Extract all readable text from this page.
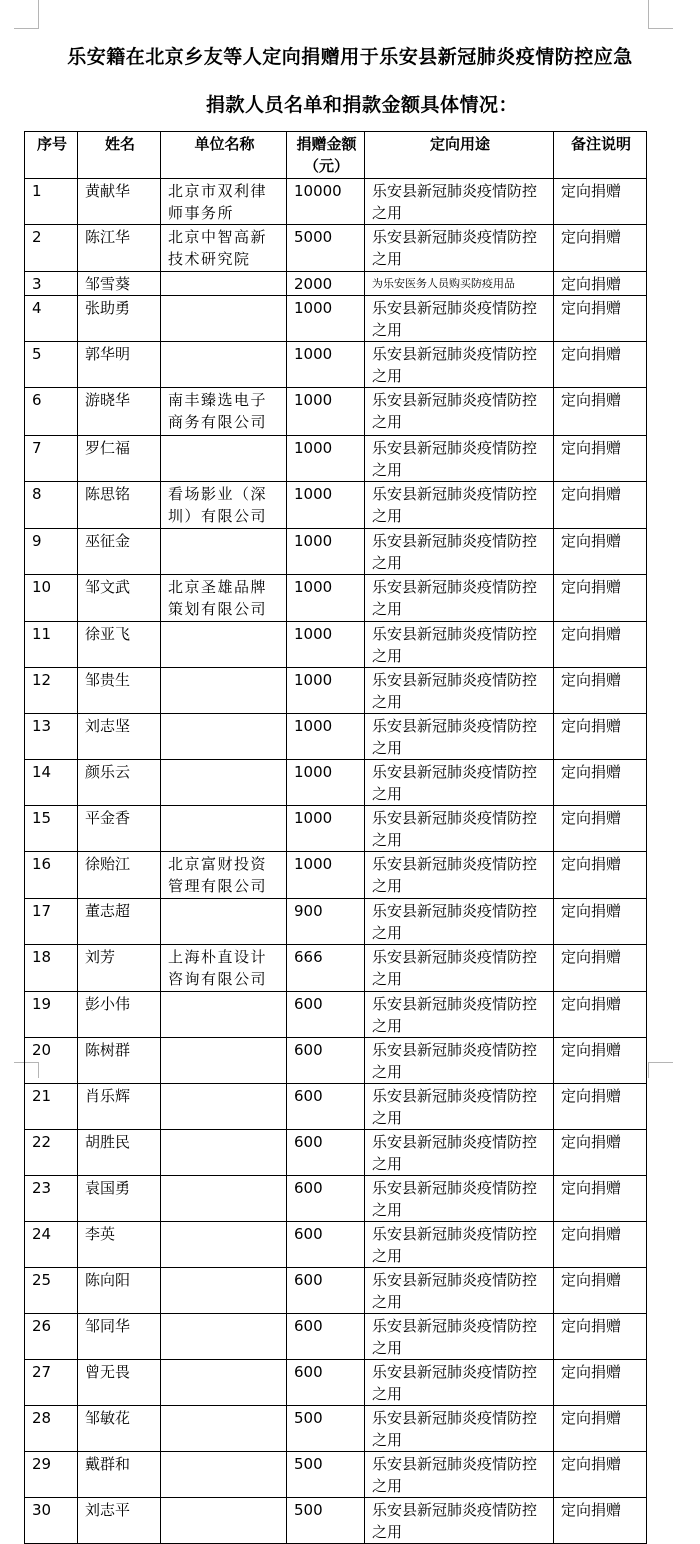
乐安籍在北京乡友等人定向捐赠用于乐安县新冠肺炎疫情防控应急
捐款人员名单和捐款金额具体情况：
序号	姓名	单位名称	捐赠金额（元）	定向用途	备注说明
1	黄献华	北京市双利律师事务所	10000	乐安县新冠肺炎疫情防控之用	定向捐赠
2	陈江华	北京中智高新技术研究院	5000	乐安县新冠肺炎疫情防控之用	定向捐赠
3	邹雪葵		2000	为乐安医务人员购买防疫用品	定向捐赠
4	张助勇		1000	乐安县新冠肺炎疫情防控之用	定向捐赠
5	郭华明		1000	乐安县新冠肺炎疫情防控之用	定向捐赠
6	游晓华	南丰臻选电子商务有限公司	1000	乐安县新冠肺炎疫情防控之用	定向捐赠
7	罗仁福		1000	乐安县新冠肺炎疫情防控之用	定向捐赠
8	陈思铭	看场影业（深圳）有限公司	1000	乐安县新冠肺炎疫情防控之用	定向捐赠
9	巫征金		1000	乐安县新冠肺炎疫情防控之用	定向捐赠
10	邹文武	北京圣雄品牌策划有限公司	1000	乐安县新冠肺炎疫情防控之用	定向捐赠
11	徐亚飞		1000	乐安县新冠肺炎疫情防控之用	定向捐赠
12	邹贵生		1000	乐安县新冠肺炎疫情防控之用	定向捐赠
13	刘志坚		1000	乐安县新冠肺炎疫情防控之用	定向捐赠
14	颜乐云		1000	乐安县新冠肺炎疫情防控之用	定向捐赠
15	平金香		1000	乐安县新冠肺炎疫情防控之用	定向捐赠
16	徐贻江	北京富财投资管理有限公司	1000	乐安县新冠肺炎疫情防控之用	定向捐赠
17	董志超		900	乐安县新冠肺炎疫情防控之用	定向捐赠
18	刘芳	上海朴直设计咨询有限公司	666	乐安县新冠肺炎疫情防控之用	定向捐赠
19	彭小伟		600	乐安县新冠肺炎疫情防控之用	定向捐赠
20	陈树群		600	乐安县新冠肺炎疫情防控之用	定向捐赠
21	肖乐辉		600	乐安县新冠肺炎疫情防控之用	定向捐赠
22	胡胜民		600	乐安县新冠肺炎疫情防控之用	定向捐赠
23	袁国勇		600	乐安县新冠肺炎疫情防控之用	定向捐赠
24	李英		600	乐安县新冠肺炎疫情防控之用	定向捐赠
25	陈向阳		600	乐安县新冠肺炎疫情防控之用	定向捐赠
26	邹同华		600	乐安县新冠肺炎疫情防控之用	定向捐赠
27	曾无畏		600	乐安县新冠肺炎疫情防控之用	定向捐赠
28	邹敏花		500	乐安县新冠肺炎疫情防控之用	定向捐赠
29	戴群和		500	乐安县新冠肺炎疫情防控之用	定向捐赠
30	刘志平		500	乐安县新冠肺炎疫情防控之用	定向捐赠
